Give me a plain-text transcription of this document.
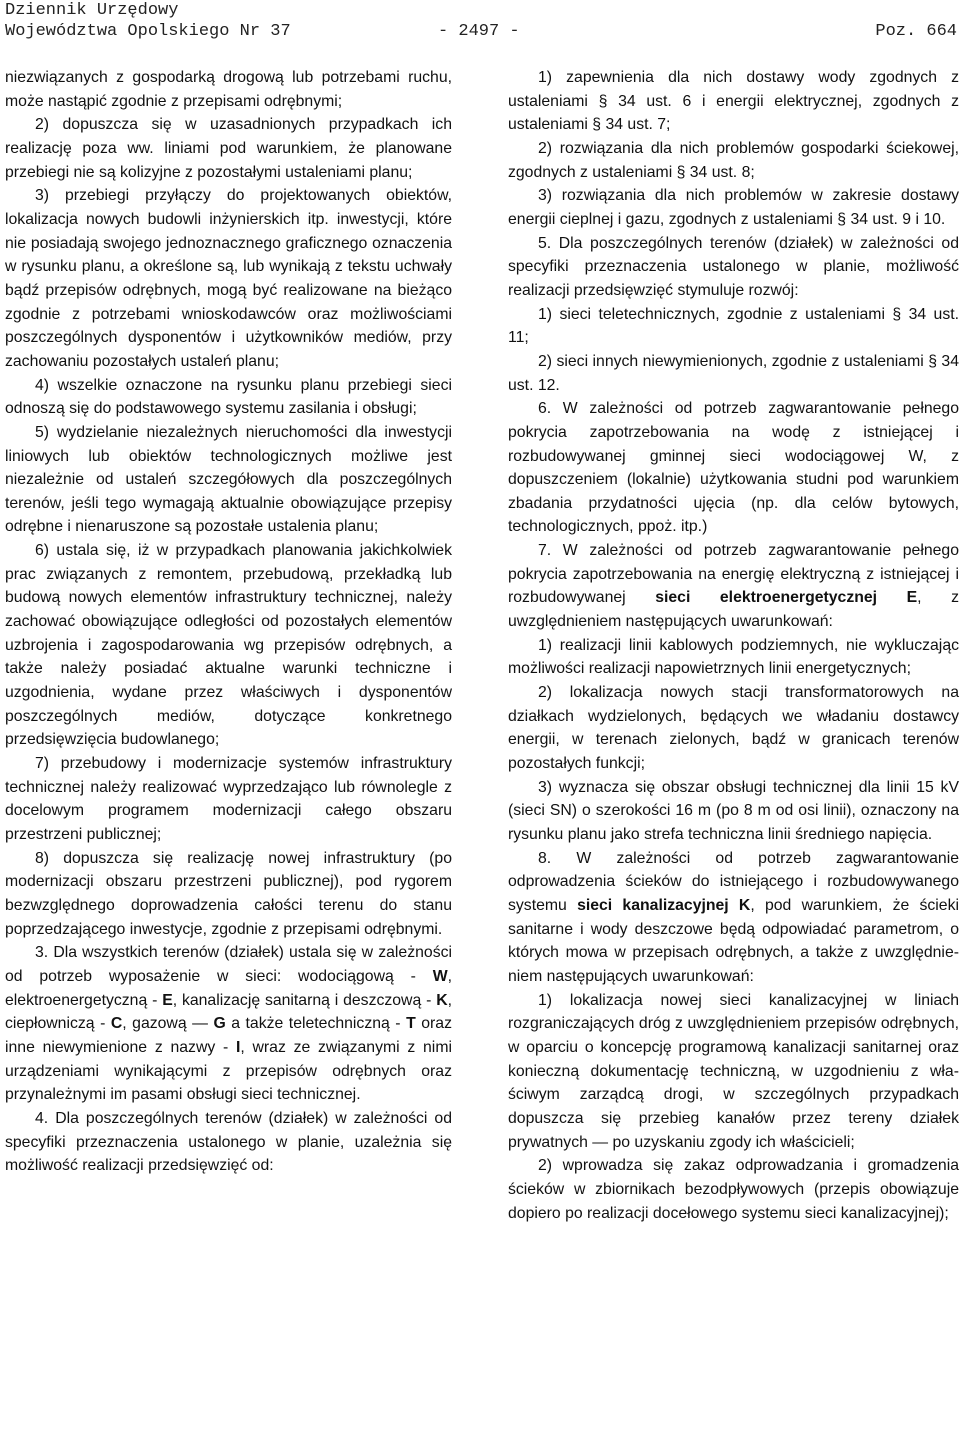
Dziennik Urzędowy

Województwa Opolskiego Nr 37

	- 2497 -

	Poz. 664

niezwiązanych z gospodarką drogową lub potrzebami ruchu, może nastąpić zgodnie z przepisami odrębnymi;

2) dopuszcza się w uzasadnionych przypadkach ich realizację poza ww. liniami pod warunkiem, że planowane przebiegi nie są kolizyjne z pozostałymi ustaleniami planu;

3) przebiegi przyłączy do projektowanych obiektów, lokalizacja nowych budowli inżynierskich itp. inwestycji, które nie posiadają swojego jednoznacznego graficznego oznaczenia w rysunku planu, a określone są, lub wynikają z tekstu uchwały bądź przepisów odrębnych, mogą być realizowane na bieżąco zgodnie z potrzebami wnioskodawców oraz możliwościami poszczególnych dysponentów i użytkowników mediów, przy zachowaniu pozostałych ustaleń planu;

4) wszelkie oznaczone na rysunku planu przebiegi sieci odnoszą się do podstawowego systemu zasilania i obsługi;

5) wydzielanie niezależnych nieruchomości dla inwestycji liniowych lub obiektów technologicznych możliwe jest niezależnie od ustaleń szczegółowych dla poszczególnych terenów, jeśli tego wymagają aktualnie obowiązujące przepisy odrębne i nienaruszone są pozostałe ustalenia planu;

6) ustala się, iż w przypadkach planowania jakichkolwiek prac związanych z remontem, przebudową, przekładką lub budową nowych elementów infrastruktury technicznej, należy zachować obowiązujące odległości od pozostałych elementów uzbrojenia i zagospodarowania wg przepisów odrębnych, a także należy posiadać aktualne warunki techniczne i uzgodnienia, wydane przez właściwych i dysponentów poszczególnych mediów, dotyczące konkretnego przedsięwzięcia budowlanego;

7) przebudowy i modernizacje systemów infrastruktury technicznej należy realizować wyprzedzająco lub równolegle z docelowym programem modernizacji całego obszaru przestrzeni publicznej;

8) dopuszcza się realizację nowej infrastruktury (po modernizacji obszaru przestrzeni publicznej), pod rygorem bezwzględnego doprowadzenia całości terenu do stanu poprzedzającego inwestycje, zgodnie z przepisami odrębnymi.

3. Dla wszystkich terenów (działek) ustala się w zależności od potrzeb wyposażenie w sieci: wodociągową - W, elektroenergetyczną - E, kanalizację sanitarną i deszczową - K, ciepłowniczą - C, gazową — G a także teletechniczną - T oraz inne niewymienione z nazwy - I, wraz ze związanymi z nimi urządzeniami wynikającymi z przepisów odrębnych oraz przynależnymi im pasami obsługi sieci technicznej.

4. Dla poszczególnych terenów (działek) w zależności od specyfiki przeznaczenia ustalonego w planie, uzależnia się możliwość realizacji przedsięwzięć od:

1) zapewnienia dla nich dostawy wody zgodnych z ustaleniami § 34 ust. 6 i energii elektrycznej, zgodnych z ustaleniami § 34 ust. 7;

2) rozwiązania dla nich problemów gospodarki ściekowej, zgodnych z ustaleniami § 34 ust. 8;

3) rozwiązania dla nich problemów w zakresie dostawy energii cieplnej i gazu, zgodnych z ustaleniami § 34 ust. 9 i 10.

5. Dla poszczególnych terenów (działek) w zależności od specyfiki przeznaczenia ustalonego w planie, możliwość realizacji przedsięwzięć stymuluje rozwój:

1) sieci teletechnicznych, zgodnie z ustaleniami § 34 ust. 11;

2) sieci innych niewymienionych, zgodnie z ustaleniami § 34 ust. 12.

6. W zależności od potrzeb zagwarantowanie pełnego pokrycia zapotrzebowania na wodę z istniejącej i rozbudowywanej gminnej sieci wodociągowej W, z dopuszczeniem (lokalnie) użytkowania studni pod warunkiem zbadania przydatności ujęcia (np. dla celów bytowych, technologicznych, ppoż. itp.)

7. W zależności od potrzeb zagwarantowanie pełnego pokrycia zapotrzebowania na energię elektryczną z istniejącej i rozbudowywanej sieci elektroenergetycznej E, z uwzględnieniem następujących uwarunkowań:

1) realizacji linii kablowych podziemnych, nie wykluczając możliwości realizacji napowietrznych linii energetycznych;

2) lokalizacja nowych stacji transformatorowych na działkach wydzielonych, będących we władaniu dostawcy energii, w terenach zielonych, bądź w granicach terenów pozostałych funkcji;

3) wyznacza się obszar obsługi technicznej dla linii 15 kV (sieci SN) o szerokości 16 m (po 8 m od osi linii), oznaczony na rysunku planu jako strefa techniczna linii średniego napięcia.

8. W zależności od potrzeb zagwarantowanie odprowadzenia ścieków do istniejącego i rozbudowywanego systemu sieci kanalizacyjnej K, pod warunkiem, że ścieki sanitarne i wody deszczowe będą odpowiadać parametrom, o których mowa w przepisach odrębnych, a także z uwzględnieniem następujących uwarunkowań:

1) lokalizacja nowej sieci kanalizacyjnej w liniach rozgraniczających dróg z uwzględnieniem przepisów odrębnych, w oparciu o koncepcję programową kanalizacji sanitarnej oraz konieczną dokumentację techniczną, w uzgodnieniu z właściwym zarządcą drogi, w szczególnych przypadkach dopuszcza się przebieg kanałów przez tereny działek prywatnych — po uzyskaniu zgody ich właścicieli;

2) wprowadza się zakaz odprowadzania i gromadzenia ścieków w zbiornikach bezodpływowych (przepis obowiązuje dopiero po realizacji docełowego systemu sieci kanalizacyjnej);
